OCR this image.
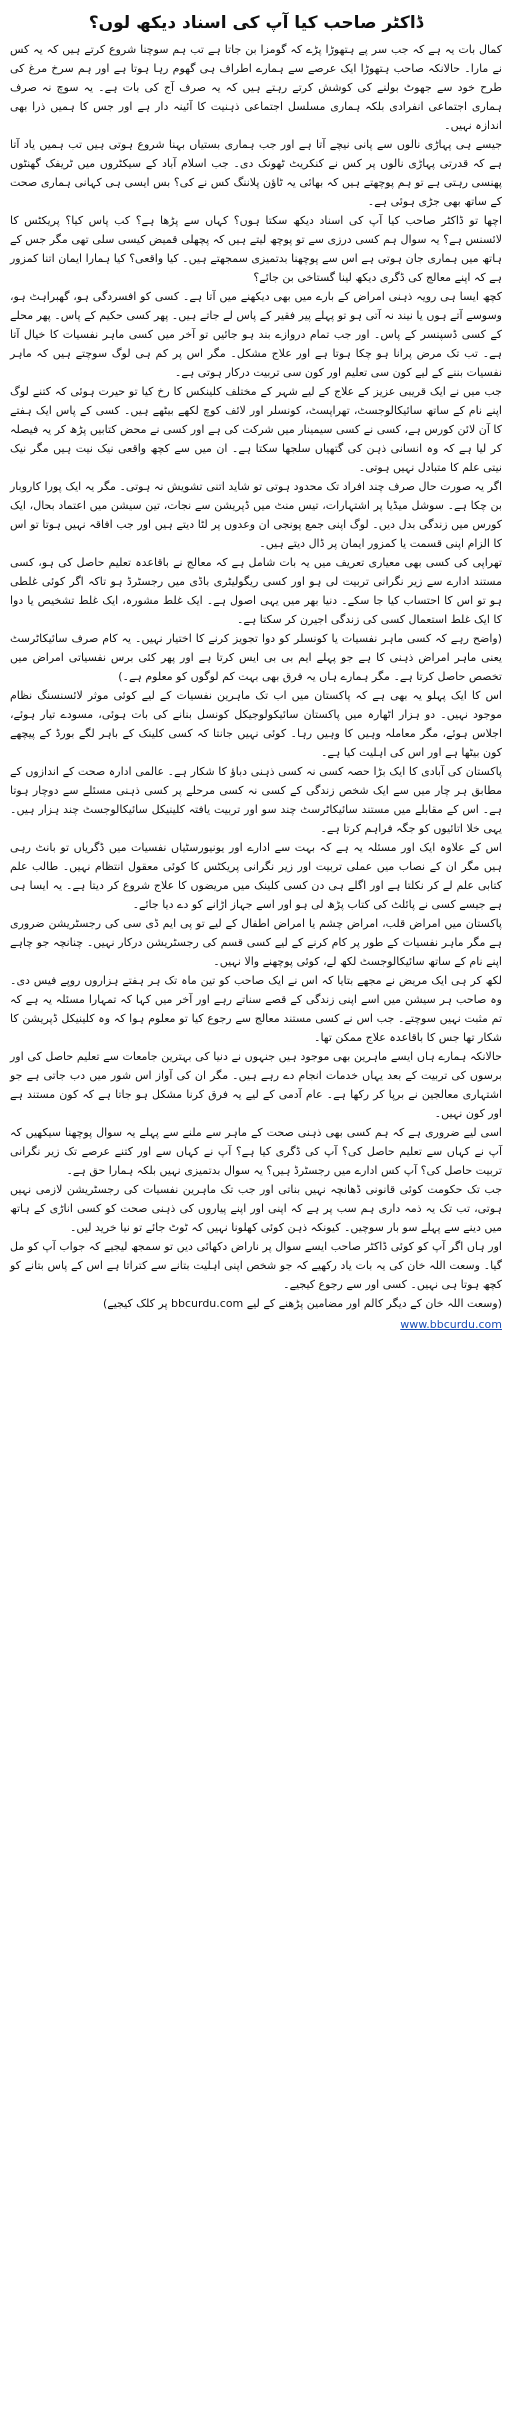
ڈاکٹر صاحب کیا آپ کی اسناد دیکھ لوں؟

کمال بات یہ ہے کہ جب سر پے ہتھوڑا پڑے کہ گومزا بن جاتا ہے تب ہم سوچنا شروع کرتے ہیں کہ یہ کس نے مارا۔ حالانکہ صاحب ہتھوڑا ایک عرصے سے ہمارے اطراف ہی گھوم رہا ہوتا ہے اور ہم سرخ مرغ کی طرح خود سے جھوٹ بولنے کی کوشش کرتے رہتے ہیں کہ یہ صرف آج کی بات ہے۔ یہ سوچ نہ صرف ہماری اجتماعی انفرادی بلکہ ہماری مسلسل اجتماعی ذہنیت کا آئینہ دار ہے اور جس کا ہمیں ذرا بھی اندازہ نہیں۔

جیسے ہی پہاڑی نالوں سے پانی نیچے آتا ہے اور جب ہماری بستیاں بہنا شروع ہوتی ہیں تب ہمیں یاد آتا ہے کہ قدرتی پہاڑی نالوں پر کس نے کنکریٹ ٹھونک دی۔ جب اسلام آباد کے سیکٹروں میں ٹریفک گھنٹوں پھنسی رہتی ہے تو ہم پوچھتے ہیں کہ بھائی یہ ٹاؤن پلاننگ کس نے کی؟ بس ایسی ہی کہانی ہماری صحت کے ساتھ بھی جڑی ہوئی ہے۔

اچھا تو ڈاکٹر صاحب کیا آپ کی اسناد دیکھ سکتا ہوں؟ کہاں سے پڑھا ہے؟ کب پاس کیا؟ پریکٹس کا لائسنس ہے؟ یہ سوال ہم کسی درزی سے تو پوچھ لیتے ہیں کہ پچھلی قمیض کیسی سلی تھی مگر جس کے ہاتھ میں ہماری جان ہوتی ہے اس سے پوچھنا بدتمیزی سمجھتے ہیں۔ کیا واقعی؟ کیا ہمارا ایمان اتنا کمزور ہے کہ اپنے معالج کی ڈگری دیکھ لینا گستاخی بن جائے؟

کچھ ایسا ہی رویہ ذہنی امراض کے بارے میں بھی دیکھنے میں آتا ہے۔ کسی کو افسردگی ہو، گھبراہٹ ہو، وسوسے آتے ہوں یا نیند نہ آتی ہو تو پہلے پیر فقیر کے پاس لے جاتے ہیں۔ پھر کسی حکیم کے پاس۔ پھر محلے کے کسی ڈسپنسر کے پاس۔ اور جب تمام دروازے بند ہو جائیں تو آخر میں کسی ماہر نفسیات کا خیال آتا ہے۔ تب تک مرض پرانا ہو چکا ہوتا ہے اور علاج مشکل۔ مگر اس پر کم ہی لوگ سوچتے ہیں کہ ماہر نفسیات بننے کے لیے کون سی تعلیم اور کون سی تربیت درکار ہوتی ہے۔

جب میں نے ایک قریبی عزیز کے علاج کے لیے شہر کے مختلف کلینکس کا رخ کیا تو حیرت ہوئی کہ کتنے لوگ اپنے نام کے ساتھ سائیکالوجسٹ، تھراپسٹ، کونسلر اور لائف کوچ لکھے بیٹھے ہیں۔ کسی کے پاس ایک ہفتے کا آن لائن کورس ہے، کسی نے کسی سیمینار میں شرکت کی ہے اور کسی نے محض کتابیں پڑھ کر یہ فیصلہ کر لیا ہے کہ وہ انسانی ذہن کی گتھیاں سلجھا سکتا ہے۔ ان میں سے کچھ واقعی نیک نیت ہیں مگر نیک نیتی علم کا متبادل نہیں ہوتی۔

اگر یہ صورت حال صرف چند افراد تک محدود ہوتی تو شاید اتنی تشویش نہ ہوتی۔ مگر یہ ایک پورا کاروبار بن چکا ہے۔ سوشل میڈیا پر اشتہارات، تیس منٹ میں ڈپریشن سے نجات، تین سیشن میں اعتماد بحال، ایک کورس میں زندگی بدل دیں۔ لوگ اپنی جمع پونجی ان وعدوں پر لٹا دیتے ہیں اور جب افاقہ نہیں ہوتا تو اس کا الزام اپنی قسمت یا کمزور ایمان پر ڈال دیتے ہیں۔

تھراپی کی کسی بھی معیاری تعریف میں یہ بات شامل ہے کہ معالج نے باقاعدہ تعلیم حاصل کی ہو، کسی مستند ادارے سے زیر نگرانی تربیت لی ہو اور کسی ریگولیٹری باڈی میں رجسٹرڈ ہو تاکہ اگر کوئی غلطی ہو تو اس کا احتساب کیا جا سکے۔ دنیا بھر میں یہی اصول ہے۔ ایک غلط مشورہ، ایک غلط تشخیص یا دوا کا ایک غلط استعمال کسی کی زندگی اجیرن کر سکتا ہے۔

(واضح رہے کہ کسی ماہر نفسیات یا کونسلر کو دوا تجویز کرنے کا اختیار نہیں۔ یہ کام صرف سائیکاٹرسٹ یعنی ماہر امراض ذہنی کا ہے جو پہلے ایم بی بی ایس کرتا ہے اور پھر کئی برس نفسیاتی امراض میں تخصص حاصل کرتا ہے۔ مگر ہمارے ہاں یہ فرق بھی بہت کم لوگوں کو معلوم ہے۔)

اس کا ایک پہلو یہ بھی ہے کہ پاکستان میں اب تک ماہرین نفسیات کے لیے کوئی موثر لائسنسنگ نظام موجود نہیں۔ دو ہزار اٹھارہ میں پاکستان سائیکولوجیکل کونسل بنانے کی بات ہوئی، مسودے تیار ہوئے، اجلاس ہوئے، مگر معاملہ وہیں کا وہیں رہا۔ کوئی نہیں جانتا کہ کسی کلینک کے باہر لگے بورڈ کے پیچھے کون بیٹھا ہے اور اس کی اہلیت کیا ہے۔

پاکستان کی آبادی کا ایک بڑا حصہ کسی نہ کسی ذہنی دباؤ کا شکار ہے۔ عالمی ادارہ صحت کے اندازوں کے مطابق ہر چار میں سے ایک شخص زندگی کے کسی نہ کسی مرحلے پر کسی ذہنی مسئلے سے دوچار ہوتا ہے۔ اس کے مقابلے میں مستند سائیکاٹرسٹ چند سو اور تربیت یافتہ کلینیکل سائیکالوجسٹ چند ہزار ہیں۔ یہی خلا اتائیوں کو جگہ فراہم کرتا ہے۔

اس کے علاوہ ایک اور مسئلہ یہ ہے کہ بہت سے ادارے اور یونیورسٹیاں نفسیات میں ڈگریاں تو بانٹ رہی ہیں مگر ان کے نصاب میں عملی تربیت اور زیر نگرانی پریکٹس کا کوئی معقول انتظام نہیں۔ طالب علم کتابی علم لے کر نکلتا ہے اور اگلے ہی دن کسی کلینک میں مریضوں کا علاج شروع کر دیتا ہے۔ یہ ایسا ہی ہے جیسے کسی نے پائلٹ کی کتاب پڑھ لی ہو اور اسے جہاز اڑانے کو دے دیا جائے۔

پاکستان میں امراض قلب، امراض چشم یا امراض اطفال کے لیے تو پی ایم ڈی سی کی رجسٹریشن ضروری ہے مگر ماہر نفسیات کے طور پر کام کرنے کے لیے کسی قسم کی رجسٹریشن درکار نہیں۔ چنانچہ جو چاہے اپنے نام کے ساتھ سائیکالوجسٹ لکھ لے، کوئی پوچھنے والا نہیں۔

لکھ کر ہی ایک مریض نے مجھے بتایا کہ اس نے ایک صاحب کو تین ماہ تک ہر ہفتے ہزاروں روپے فیس دی۔ وہ صاحب ہر سیشن میں اسے اپنی زندگی کے قصے سناتے رہے اور آخر میں کہا کہ تمہارا مسئلہ یہ ہے کہ تم مثبت نہیں سوچتے۔ جب اس نے کسی مستند معالج سے رجوع کیا تو معلوم ہوا کہ وہ کلینیکل ڈپریشن کا شکار تھا جس کا باقاعدہ علاج ممکن تھا۔

حالانکہ ہمارے ہاں ایسے ماہرین بھی موجود ہیں جنہوں نے دنیا کی بہترین جامعات سے تعلیم حاصل کی اور برسوں کی تربیت کے بعد یہاں خدمات انجام دے رہے ہیں۔ مگر ان کی آواز اس شور میں دب جاتی ہے جو اشتہاری معالجین نے برپا کر رکھا ہے۔ عام آدمی کے لیے یہ فرق کرنا مشکل ہو جاتا ہے کہ کون مستند ہے اور کون نہیں۔

اسی لیے ضروری ہے کہ ہم کسی بھی ذہنی صحت کے ماہر سے ملنے سے پہلے یہ سوال پوچھنا سیکھیں کہ آپ نے کہاں سے تعلیم حاصل کی؟ آپ کی ڈگری کیا ہے؟ آپ نے کہاں سے اور کتنے عرصے تک زیر نگرانی تربیت حاصل کی؟ آپ کس ادارے میں رجسٹرڈ ہیں؟ یہ سوال بدتمیزی نہیں بلکہ ہمارا حق ہے۔

جب تک حکومت کوئی قانونی ڈھانچہ نہیں بناتی اور جب تک ماہرین نفسیات کی رجسٹریشن لازمی نہیں ہوتی، تب تک یہ ذمہ داری ہم سب پر ہے کہ اپنی اور اپنے پیاروں کی ذہنی صحت کو کسی اناڑی کے ہاتھ میں دینے سے پہلے سو بار سوچیں۔ کیونکہ ذہن کوئی کھلونا نہیں کہ ٹوٹ جائے تو نیا خرید لیں۔

اور ہاں اگر آپ کو کوئی ڈاکٹر صاحب ایسے سوال پر ناراض دکھائی دیں تو سمجھ لیجیے کہ جواب آپ کو مل گیا۔ وسعت اللہ خان کی یہ بات یاد رکھیے کہ جو شخص اپنی اہلیت بتانے سے کتراتا ہے اس کے پاس بتانے کو کچھ ہوتا ہی نہیں۔ کسی اور سے رجوع کیجیے۔

(وسعت اللہ خان کے دیگر کالم اور مضامین پڑھنے کے لیے bbcurdu.com پر کلک کیجیے)

www.bbcurdu.com
